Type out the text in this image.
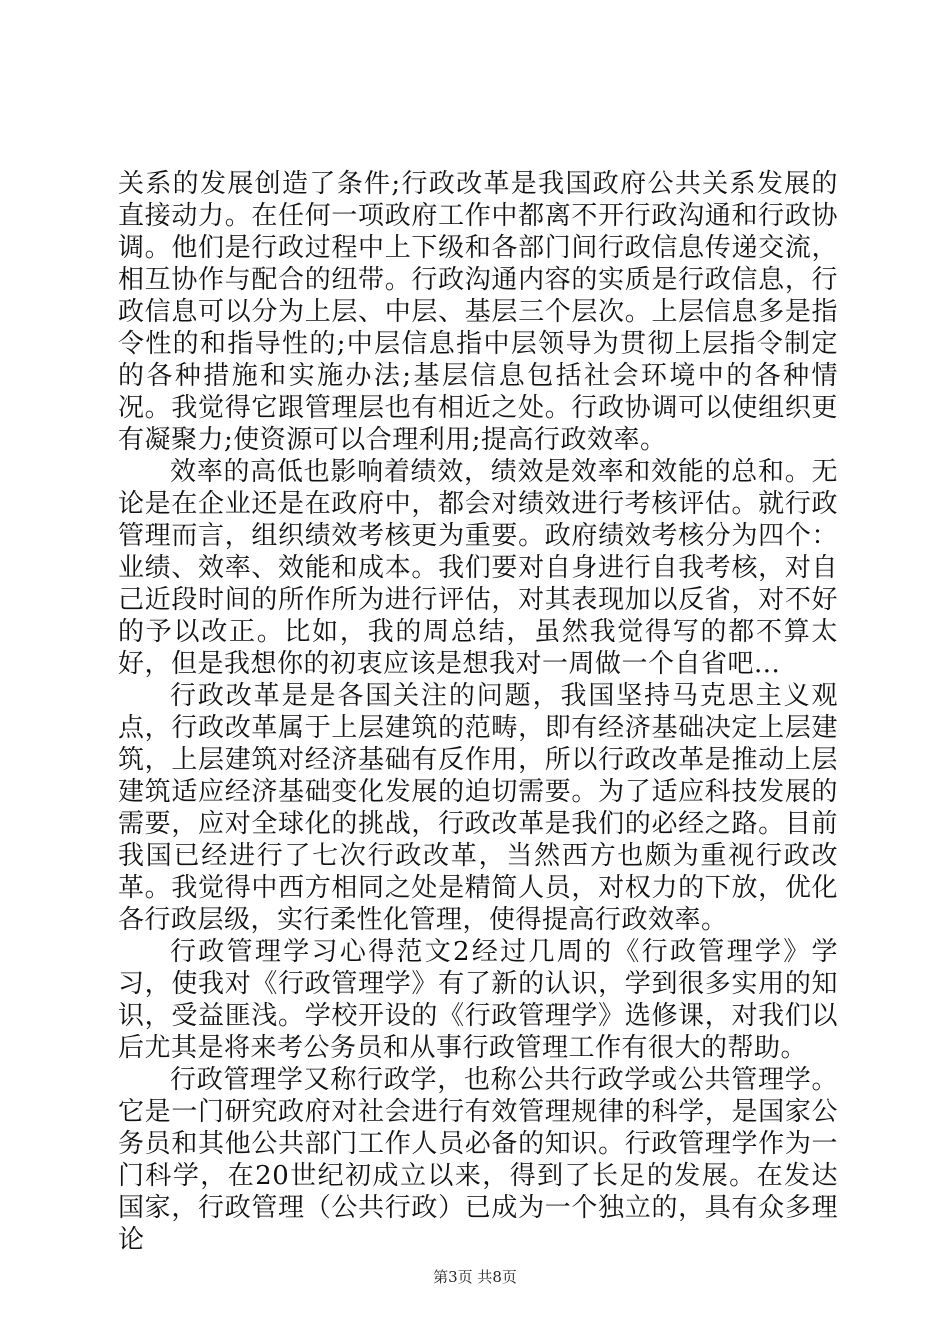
关系的发展创造了条件;行政改革是我国政府公共关系发展的直接动力。在任何一项政府工作中都离不开行政沟通和行政协调。他们是行政过程中上下级和各部门间行政信息传递交流，相互协作与配合的纽带。行政沟通内容的实质是行政信息，行政信息可以分为上层、中层、基层三个层次。上层信息多是指令性的和指导性的;中层信息指中层领导为贯彻上层指令制定的各种措施和实施办法;基层信息包括社会环境中的各种情况。我觉得它跟管理层也有相近之处。行政协调可以使组织更有凝聚力;使资源可以合理利用;提高行政效率。

效率的高低也影响着绩效，绩效是效率和效能的总和。无论是在企业还是在政府中，都会对绩效进行考核评估。就行政管理而言，组织绩效考核更为重要。政府绩效考核分为四个：业绩、效率、效能和成本。我们要对自身进行自我考核，对自己近段时间的所作所为进行评估，对其表现加以反省，对不好的予以改正。比如，我的周总结，虽然我觉得写的都不算太好，但是我想你的初衷应该是想我对一周做一个自省吧...

行政改革是是各国关注的问题，我国坚持马克思主义观点，行政改革属于上层建筑的范畴，即有经济基础决定上层建筑，上层建筑对经济基础有反作用，所以行政改革是推动上层建筑适应经济基础变化发展的迫切需要。为了适应科技发展的需要，应对全球化的挑战，行政改革是我们的必经之路。目前我国已经进行了七次行政改革，当然西方也颇为重视行政改革。我觉得中西方相同之处是精简人员，对权力的下放，优化各行政层级，实行柔性化管理，使得提高行政效率。

行政管理学习心得范文2经过几周的《行政管理学》学习，使我对《行政管理学》有了新的认识，学到很多实用的知识，受益匪浅。学校开设的《行政管理学》选修课，对我们以后尤其是将来考公务员和从事行政管理工作有很大的帮助。

行政管理学又称行政学，也称公共行政学或公共管理学。它是一门研究政府对社会进行有效管理规律的科学，是国家公务员和其他公共部门工作人员必备的知识。行政管理学作为一门科学，在20世纪初成立以来，得到了长足的发展。在发达国家，行政管理（公共行政）已成为一个独立的，具有众多理论

第3页 共8页
